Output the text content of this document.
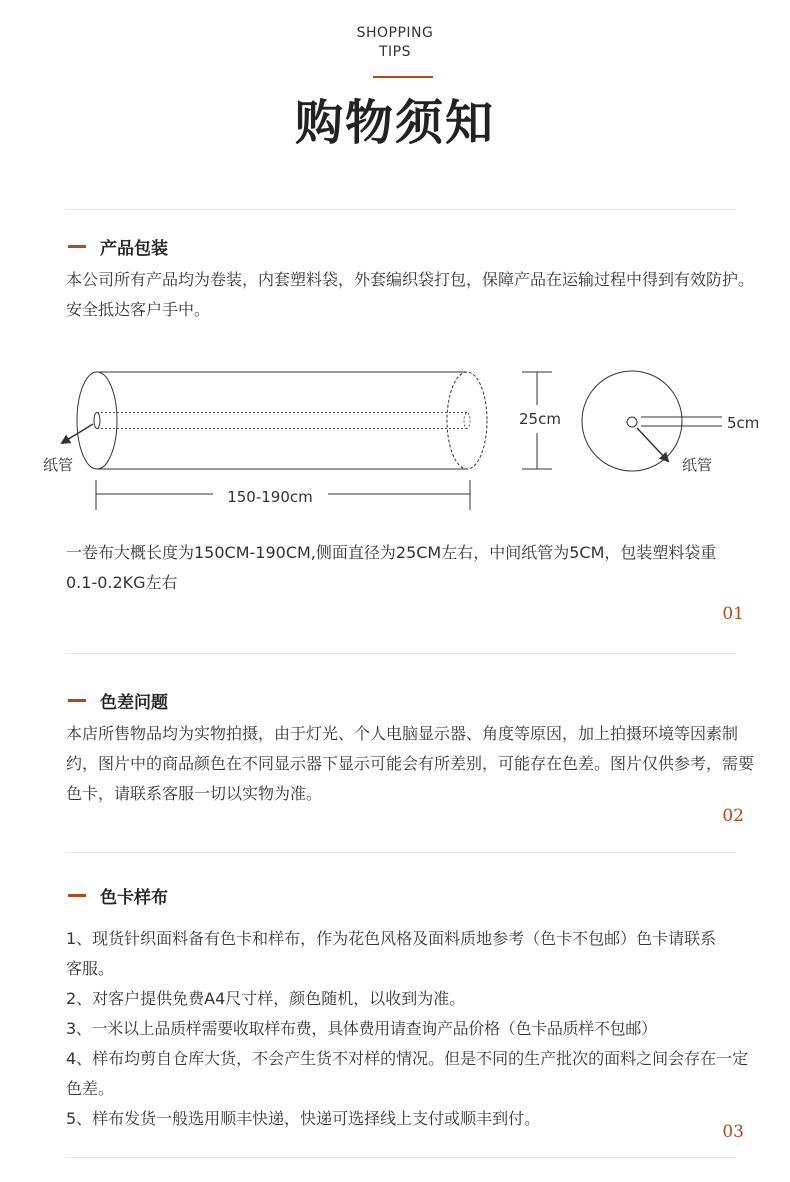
SHOPPING
TIPS
购物须知
产品包装

本公司所有产品均为卷装，内套塑料袋，外套编织袋打包，保障产品在运输过程中得到有效防护。安全抵达客户手中。

纸管
150-190cm
25cm	5cm
纸管

一卷布大概长度为150CM-190CM,侧面直径为25CM左右，中间纸管为5CM，包装塑料袋重0.1-0.2KG左右

01
色差问题

本店所售物品均为实物拍摄，由于灯光、个人电脑显示器、角度等原因，加上拍摄环境等因素制约，图片中的商品颜色在不同显示器下显示可能会有所差别，可能存在色差。图片仅供参考，需要色卡，请联系客服一切以实物为准。

02
色卡样布
1、现货针织面料备有色卡和样布，作为花色风格及面料质地参考（色卡不包邮）色卡请联系客服。
2、对客户提供免费A4尺寸样，颜色随机，以收到为准。
3、一米以上品质样需要收取样布费，具体费用请查询产品价格（色卡品质样不包邮）
4、样布均剪自仓库大货，不会产生货不对样的情况。但是不同的生产批次的面料之间会存在一定色差。
5、样布发货一般选用顺丰快递，快递可选择线上支付或顺丰到付。
03
